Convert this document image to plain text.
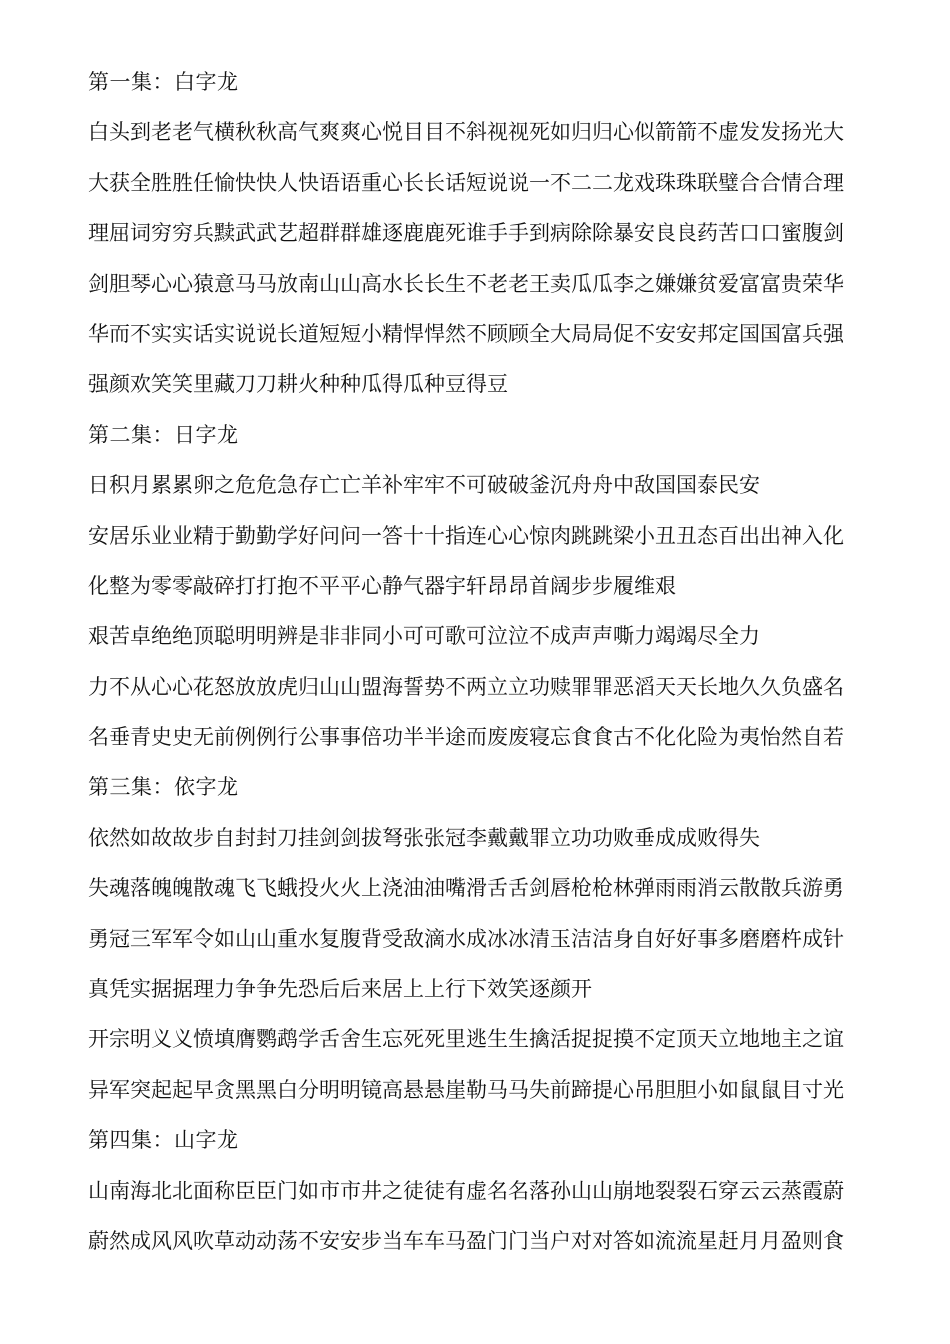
第一集：白字龙
白头到老老气横秋秋高气爽爽心悦目目不斜视视死如归归心似箭箭不虚发发扬光大
大获全胜胜任愉快快人快语语重心长长话短说说一不二二龙戏珠珠联璧合合情合理
理屈词穷穷兵黩武武艺超群群雄逐鹿鹿死谁手手到病除除暴安良良药苦口口蜜腹剑
剑胆琴心心猿意马马放南山山高水长长生不老老王卖瓜瓜李之嫌嫌贫爱富富贵荣华
华而不实实话实说说长道短短小精悍悍然不顾顾全大局局促不安安邦定国国富兵强
强颜欢笑笑里藏刀刀耕火种种瓜得瓜种豆得豆
第二集：日字龙
日积月累累卵之危危急存亡亡羊补牢牢不可破破釜沉舟舟中敌国国泰民安
安居乐业业精于勤勤学好问问一答十十指连心心惊肉跳跳梁小丑丑态百出出神入化
化整为零零敲碎打打抱不平平心静气器宇轩昂昂首阔步步履维艰
艰苦卓绝绝顶聪明明辨是非非同小可可歌可泣泣不成声声嘶力竭竭尽全力
力不从心心花怒放放虎归山山盟海誓势不两立立功赎罪罪恶滔天天长地久久负盛名
名垂青史史无前例例行公事事倍功半半途而废废寝忘食食古不化化险为夷怡然自若
第三集：依字龙
依然如故故步自封封刀挂剑剑拔弩张张冠李戴戴罪立功功败垂成成败得失
失魂落魄魄散魂飞飞蛾投火火上浇油油嘴滑舌舌剑唇枪枪林弹雨雨消云散散兵游勇
勇冠三军军令如山山重水复腹背受敌滴水成冰冰清玉洁洁身自好好事多磨磨杵成针
真凭实据据理力争争先恐后后来居上上行下效笑逐颜开
开宗明义义愤填膺鹦鹉学舌舍生忘死死里逃生生擒活捉捉摸不定顶天立地地主之谊
异军突起起早贪黑黑白分明明镜高悬悬崖勒马马失前蹄提心吊胆胆小如鼠鼠目寸光
第四集：山字龙
山南海北北面称臣臣门如市市井之徒徒有虚名名落孙山山崩地裂裂石穿云云蒸霞蔚
蔚然成风风吹草动动荡不安安步当车车马盈门门当户对对答如流流星赶月月盈则食
